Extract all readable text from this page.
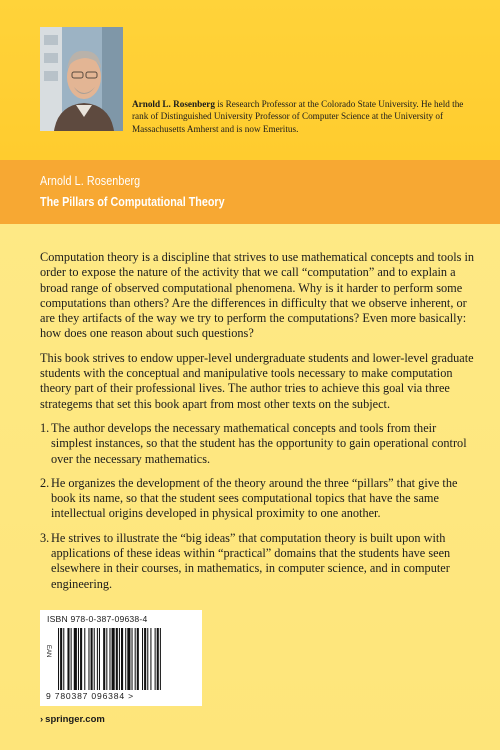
Arnold L. Rosenberg is Research Professor at the Colorado State University. He held the rank of Distinguished University Professor of Computer Science at the University of Massachusetts Amherst and is now Emeritus.
Arnold L. Rosenberg
The Pillars of Computational Theory

Computation theory is a discipline that strives to use mathematical concepts and tools in order to expose the nature of the activity that we call “computation” and to explain a broad range of observed computational phenomena. Why is it harder to perform some computations than others? Are the differences in difficulty that we observe inherent, or are they artifacts of the way we try to perform the computations? Even more basically: how does one reason about such questions?

This book strives to endow upper-level undergraduate students and lower-level graduate students with the conceptual and manipulative tools necessary to make computation theory part of their professional lives. The author tries to achieve this goal via three strategems that set this book apart from most other texts on the subject.

1. The author develops the necessary mathematical concepts and tools from their simplest instances, so that the student has the opportunity to gain operational control over the necessary mathematics.
2. He organizes the development of the theory around the three “pillars” that give the book its name, so that the student sees computational topics that have the same intellectual origins developed in physical proximity to one another.
3. He strives to illustrate the “big ideas” that computation theory is built upon with applications of these ideas within “practical” domains that the students have seen elsewhere in their courses, in mathematics, in computer science, and in computer engineering.
ISBN 978-0-387-09638-4
EAN
9 780387 096384 >
› springer.com
